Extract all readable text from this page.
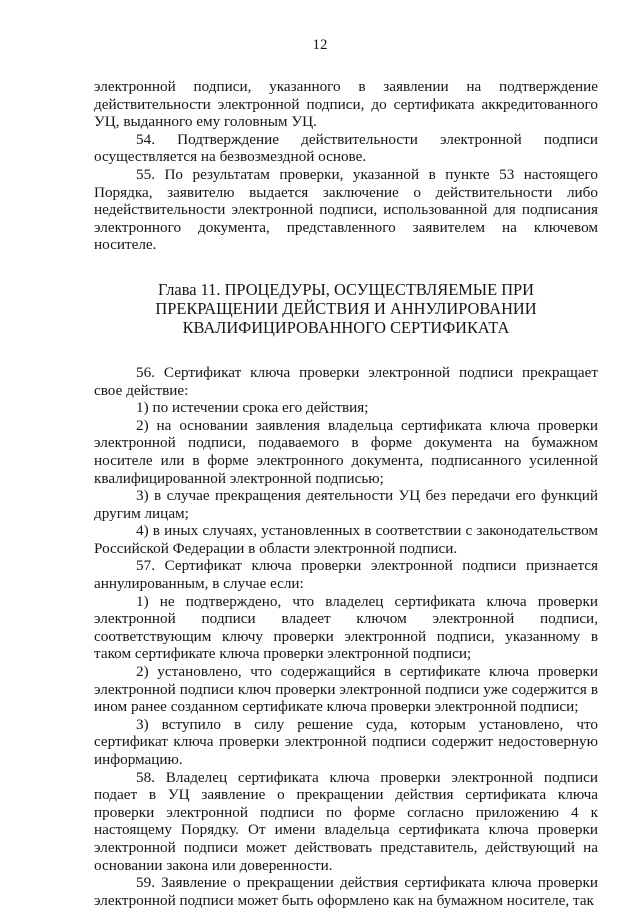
12

электронной подписи, указанного в заявлении на подтверждение действительности электронной подписи, до сертификата аккредитованного УЦ, выданного ему головным УЦ.

54. Подтверждение действительности электронной подписи осуществляется на безвозмездной основе.

55. По результатам проверки, указанной в пункте 53 настоящего Порядка, заявителю выдается заключение о действительности либо недействительности электронной подписи, использованной для подписания электронного документа, представленного заявителем на ключевом носителе.

Глава 11. ПРОЦЕДУРЫ, ОСУЩЕСТВЛЯЕМЫЕ ПРИ
ПРЕКРАЩЕНИИ ДЕЙСТВИЯ И АННУЛИРОВАНИИ
КВАЛИФИЦИРОВАННОГО СЕРТИФИКАТА

56. Сертификат ключа проверки электронной подписи прекращает свое действие:

1) по истечении срока его действия;

2) на основании заявления владельца сертификата ключа проверки электронной подписи, подаваемого в форме документа на бумажном носителе или в форме электронного документа, подписанного усиленной квалифицированной электронной подписью;

3) в случае прекращения деятельности УЦ без передачи его функций другим лицам;

4) в иных случаях, установленных в соответствии с законодательством Российской Федерации в области электронной подписи.

57. Сертификат ключа проверки электронной подписи признается аннулированным, в случае если:

1) не подтверждено, что владелец сертификата ключа проверки электронной подписи владеет ключом электронной подписи, соответствующим ключу проверки электронной подписи, указанному в таком сертификате ключа проверки электронной подписи;

2) установлено, что содержащийся в сертификате ключа проверки электронной подписи ключ проверки электронной подписи уже содержится в ином ранее созданном сертификате ключа проверки электронной подписи;

3) вступило в силу решение суда, которым установлено, что сертификат ключа проверки электронной подписи содержит недостоверную информацию.

58. Владелец сертификата ключа проверки электронной подписи подает в УЦ заявление о прекращении действия сертификата ключа проверки электронной подписи по форме согласно приложению 4 к настоящему Порядку. От имени владельца сертификата ключа проверки электронной подписи может действовать представитель, действующий на основании закона или доверенности.

59. Заявление о прекращении действия сертификата ключа проверки электронной подписи может быть оформлено как на бумажном носителе, так
